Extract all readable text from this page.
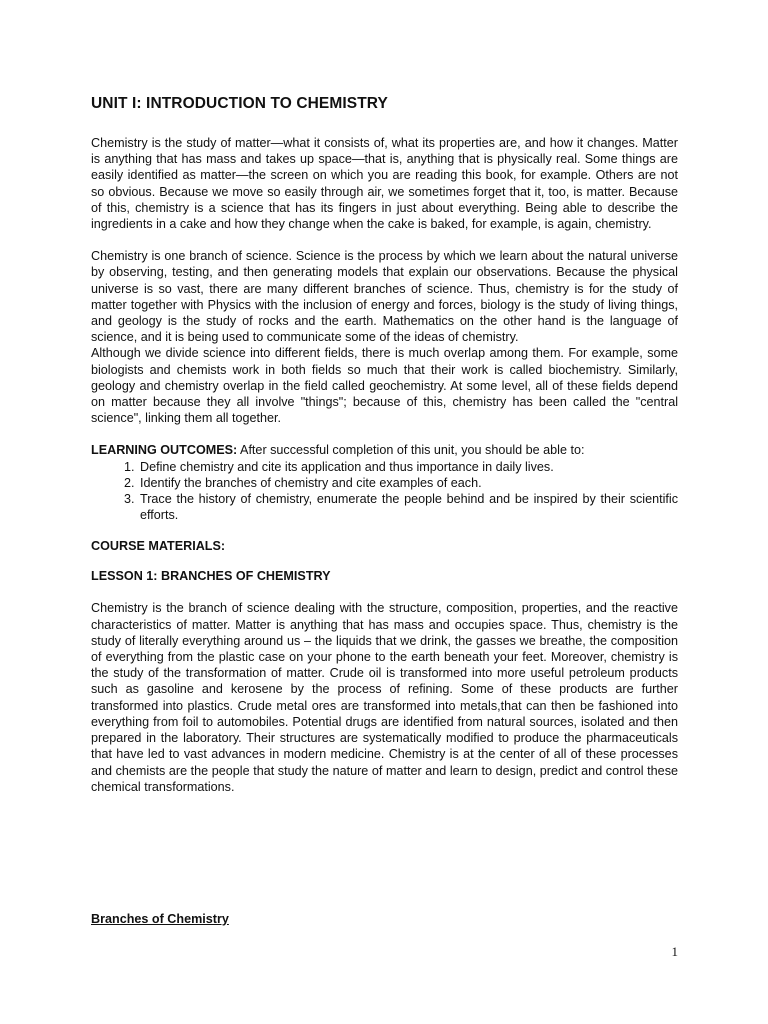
UNIT I: INTRODUCTION TO CHEMISTRY

Chemistry is the study of matter—what it consists of, what its properties are, and how it changes. Matter is anything that has mass and takes up space—that is, anything that is physically real. Some things are easily identified as matter—the screen on which you are reading this book, for example. Others are not so obvious. Because we move so easily through air, we sometimes forget that it, too, is matter. Because of this, chemistry is a science that has its fingers in just about everything. Being able to describe the ingredients in a cake and how they change when the cake is baked, for example, is again, chemistry.

Chemistry is one branch of science. Science is the process by which we learn about the natural universe by observing, testing, and then generating models that explain our observations. Because the physical universe is so vast, there are many different branches of science. Thus, chemistry is for the study of matter together with Physics with the inclusion of energy and forces, biology is the study of living things, and geology is the study of rocks and the earth. Mathematics on the other hand is the language of science, and it is being used to communicate some of the ideas of chemistry.

Although we divide science into different fields, there is much overlap among them. For example, some biologists and chemists work in both fields so much that their work is called biochemistry. Similarly, geology and chemistry overlap in the field called geochemistry. At some level, all of these fields depend on matter because they all involve "things"; because of this, chemistry has been called the "central science", linking them all together.

LEARNING OUTCOMES: After successful completion of this unit, you should be able to:
1. Define chemistry and cite its application and thus importance in daily lives.
2. Identify the branches of chemistry and cite examples of each.
3. Trace the history of chemistry, enumerate the people behind and be inspired by their scientific efforts.
COURSE MATERIALS:
LESSON 1: BRANCHES OF CHEMISTRY

Chemistry is the branch of science dealing with the structure, composition, properties, and the reactive characteristics of matter. Matter is anything that has mass and occupies space. Thus, chemistry is the study of literally everything around us – the liquids that we drink, the gasses we breathe, the composition of everything from the plastic case on your phone to the earth beneath your feet. Moreover, chemistry is the study of the transformation of matter. Crude oil is transformed into more useful petroleum products such as gasoline and kerosene by the process of refining. Some of these products are further transformed into plastics. Crude metal ores are transformed into metals,that can then be fashioned into everything from foil to automobiles. Potential drugs are identified from natural sources, isolated and then prepared in the laboratory. Their structures are systematically modified to produce the pharmaceuticals that have led to vast advances in modern medicine. Chemistry is at the center of all of these processes and chemists are the people that study the nature of matter and learn to design, predict and control these chemical transformations.

Branches of Chemistry
1
